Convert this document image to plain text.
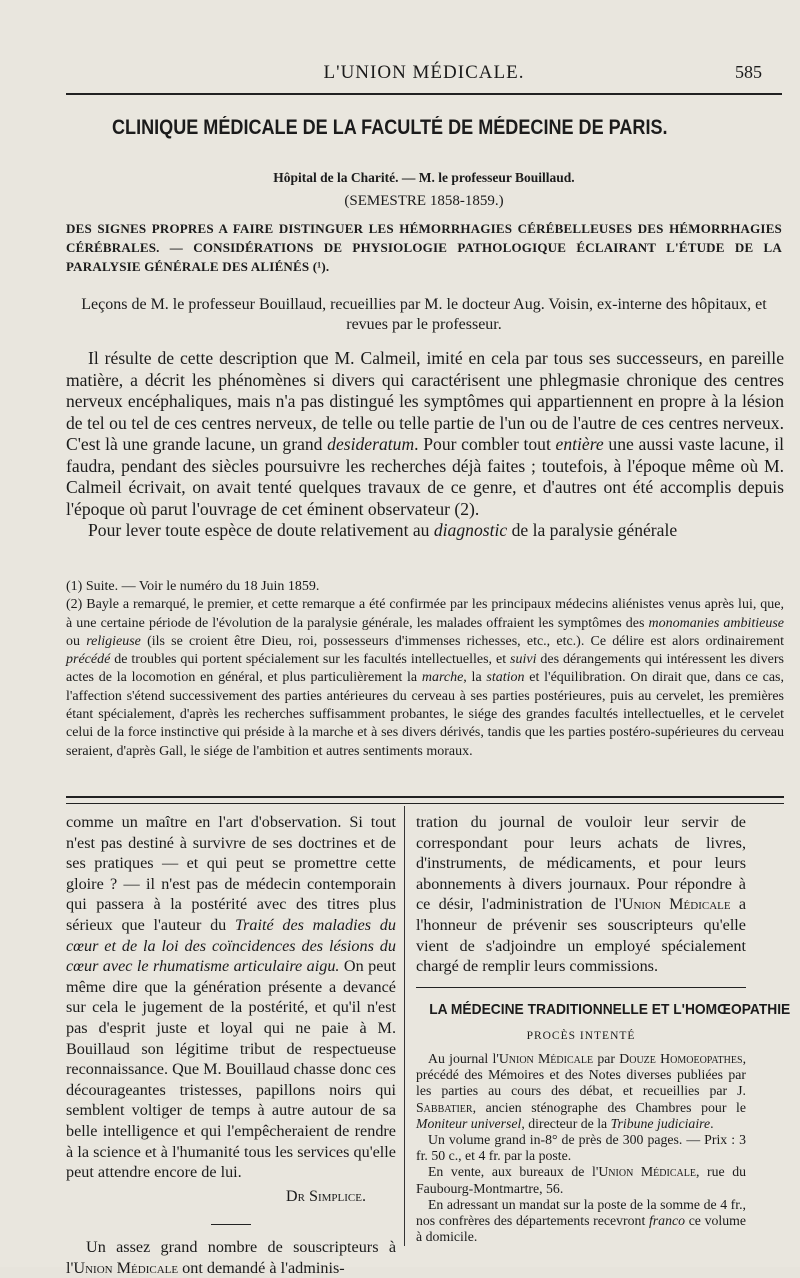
L'UNION MÉDICALE.	585
CLINIQUE MÉDICALE DE LA FACULTÉ DE MÉDECINE DE PARIS.
Hôpital de la Charité. — M. le professeur Bouillaud.
(SEMESTRE 1858-1859.)
DES SIGNES PROPRES A FAIRE DISTINGUER LES HÉMORRHAGIES CÉRÉBELLEUSES DES HÉMORRHAGIES CÉRÉBRALES. — CONSIDÉRATIONS DE PHYSIOLOGIE PATHOLOGIQUE ÉCLAIRANT L'ÉTUDE DE LA PARALYSIE GÉNÉRALE DES ALIÉNÉS (¹).
Leçons de M. le professeur Bouillaud, recueillies par M. le docteur Aug. Voisin, ex-interne des hôpitaux, et revues par le professeur.

Il résulte de cette description que M. Calmeil, imité en cela par tous ses successeurs, en pareille matière, a décrit les phénomènes si divers qui caractérisent une phlegmasie chronique des centres nerveux encéphaliques, mais n'a pas distingué les symptômes qui appartiennent en propre à la lésion de tel ou tel de ces centres nerveux, de telle ou telle partie de l'un ou de l'autre de ces centres nerveux. C'est là une grande lacune, un grand desideratum. Pour combler tout entière une aussi vaste lacune, il faudra, pendant des siècles poursuivre les recherches déjà faites ; toutefois, à l'époque même où M. Calmeil écrivait, on avait tenté quelques travaux de ce genre, et d'autres ont été accomplis depuis l'époque où parut l'ouvrage de cet éminent observateur (2).

Pour lever toute espèce de doute relativement au diagnostic de la paralysie générale

(1) Suite. — Voir le numéro du 18 Juin 1859.

(2) Bayle a remarqué, le premier, et cette remarque a été confirmée par les principaux médecins aliénistes venus après lui, que, à une certaine période de l'évolution de la paralysie générale, les malades offraient les symptômes des monomanies ambitieuse ou religieuse (ils se croient être Dieu, roi, possesseurs d'immenses richesses, etc., etc.). Ce délire est alors ordinairement précédé de troubles qui portent spécialement sur les facultés intellectuelles, et suivi des dérangements qui intéressent les divers actes de la locomotion en général, et plus particulièrement la marche, la station et l'équilibration. On dirait que, dans ce cas, l'affection s'étend successivement des parties antérieures du cerveau à ses parties postérieures, puis au cervelet, les premières étant spécialement, d'après les recherches suffisamment probantes, le siége des grandes facultés intellectuelles, et le cervelet celui de la force instinctive qui préside à la marche et à ses divers dérivés, tandis que les parties postéro-supérieures du cerveau seraient, d'après Gall, le siége de l'ambition et autres sentiments moraux.

comme un maître en l'art d'observation. Si tout n'est pas destiné à survivre de ses doctrines et de ses pratiques — et qui peut se promettre cette gloire ? — il n'est pas de médecin contemporain qui passera à la postérité avec des titres plus sérieux que l'auteur du Traité des maladies du cœur et de la loi des coïncidences des lésions du cœur avec le rhumatisme articulaire aigu. On peut même dire que la génération présente a devancé sur cela le jugement de la postérité, et qu'il n'est pas d'esprit juste et loyal qui ne paie à M. Bouillaud son légitime tribut de respectueuse reconnaissance. Que M. Bouillaud chasse donc ces décourageantes tristesses, papillons noirs qui semblent voltiger de temps à autre autour de sa belle intelligence et qui l'empêcheraient de rendre à la science et à l'humanité tous les services qu'elle peut attendre encore de lui.

Dr Simplice.

Un assez grand nombre de souscripteurs à l'Union Médicale ont demandé à l'adminis-

tration du journal de vouloir leur servir de correspondant pour leurs achats de livres, d'instruments, de médicaments, et pour leurs abonnements à divers journaux. Pour répondre à ce désir, l'administration de l'Union Médicale a l'honneur de prévenir ses souscripteurs qu'elle vient de s'adjoindre un employé spécialement chargé de remplir leurs commissions.

LA MÉDECINE TRADITIONNELLE ET L'HOMŒOPATHIE

PROCÈS INTENTÉ

Au journal l'Union Médicale par Douze Homoeopathes, précédé des Mémoires et des Notes diverses publiées par les parties au cours des débat, et recueillies par J. Sabbatier, ancien sténographe des Chambres pour le Moniteur universel, directeur de la Tribune judiciaire.

Un volume grand in-8° de près de 300 pages. — Prix : 3 fr. 50 c., et 4 fr. par la poste.

En vente, aux bureaux de l'Union Médicale, rue du Faubourg-Montmartre, 56.

En adressant un mandat sur la poste de la somme de 4 fr., nos confrères des départements recevront franco ce volume à domicile.
